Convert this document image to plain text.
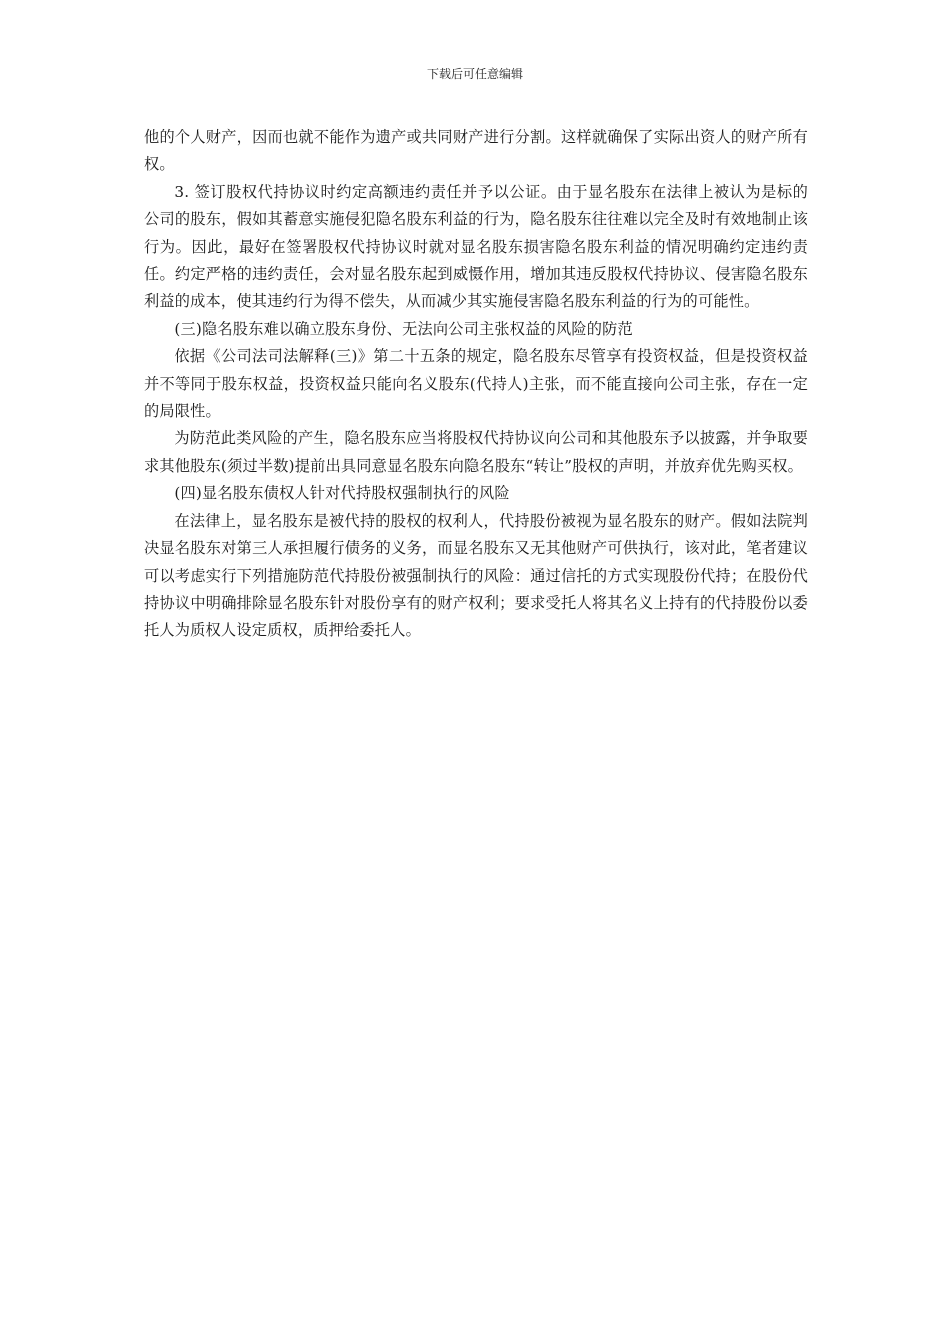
下载后可任意编辑

他的个人财产，因而也就不能作为遗产或共同财产进行分割。这样就确保了实际出资人的财产所有权。

3. 签订股权代持协议时约定高额违约责任并予以公证。由于显名股东在法律上被认为是标的公司的股东，假如其蓄意实施侵犯隐名股东利益的行为，隐名股东往往难以完全及时有效地制止该行为。因此，最好在签署股权代持协议时就对显名股东损害隐名股东利益的情况明确约定违约责任。约定严格的违约责任，会对显名股东起到威慑作用，增加其违反股权代持协议、侵害隐名股东利益的成本，使其违约行为得不偿失，从而减少其实施侵害隐名股东利益的行为的可能性。

(三)隐名股东难以确立股东身份、无法向公司主张权益的风险的防范

依据《公司法司法解释(三)》第二十五条的规定，隐名股东尽管享有投资权益，但是投资权益并不等同于股东权益，投资权益只能向名义股东(代持人)主张，而不能直接向公司主张，存在一定的局限性。

为防范此类风险的产生，隐名股东应当将股权代持协议向公司和其他股东予以披露，并争取要求其他股东(须过半数)提前出具同意显名股东向隐名股东“转让”股权的声明，并放弃优先购买权。

(四)显名股东债权人针对代持股权强制执行的风险

在法律上，显名股东是被代持的股权的权利人，代持股份被视为显名股东的财产。假如法院判决显名股东对第三人承担履行债务的义务，而显名股东又无其他财产可供执行，该对此，笔者建议可以考虑实行下列措施防范代持股份被强制执行的风险：通过信托的方式实现股份代持；在股份代持协议中明确排除显名股东针对股份享有的财产权利；要求受托人将其名义上持有的代持股份以委托人为质权人设定质权，质押给委托人。
